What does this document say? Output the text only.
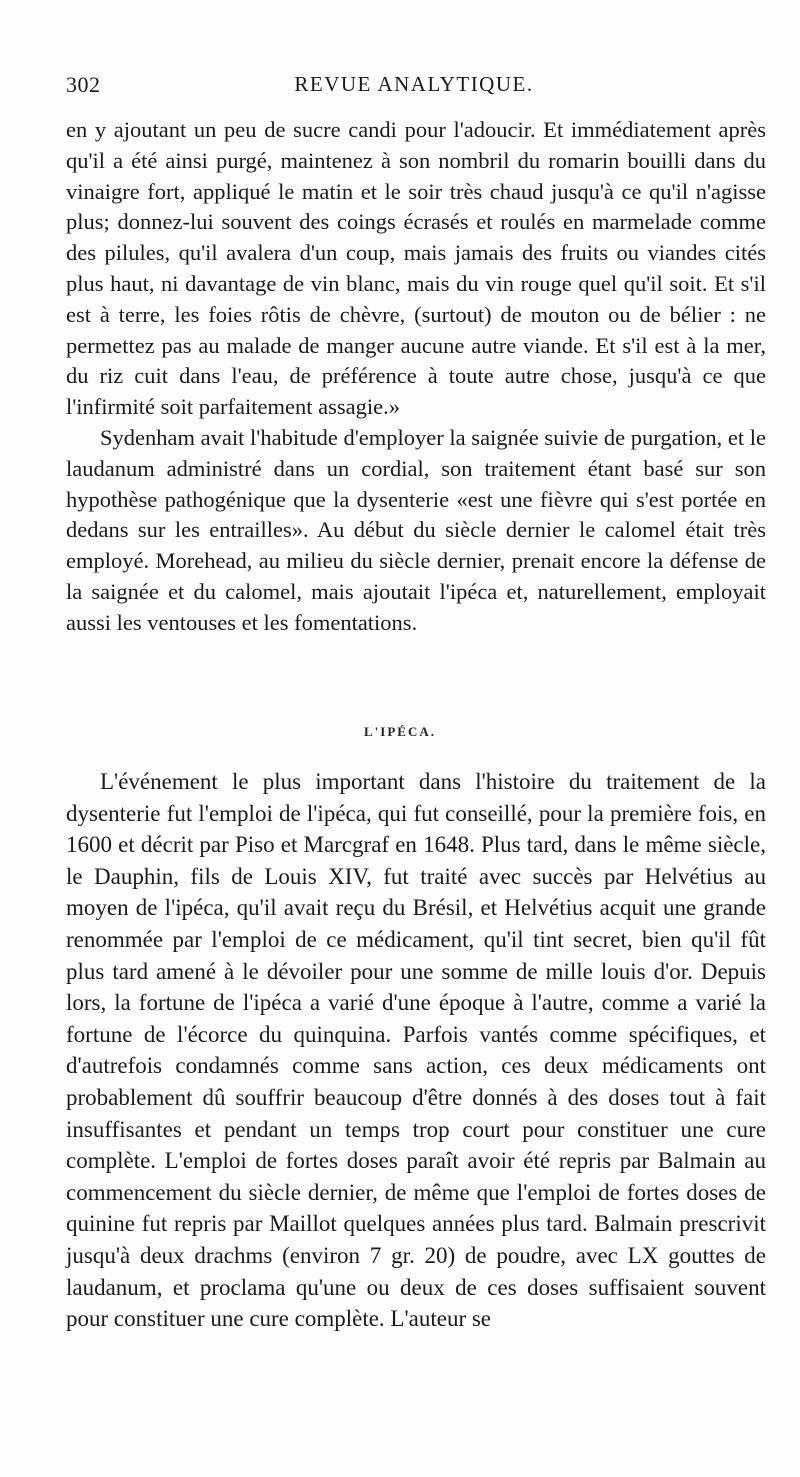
302	REVUE ANALYTIQUE.

en y ajoutant un peu de sucre candi pour l'adoucir. Et immédiatement après qu'il a été ainsi purgé, maintenez à son nombril du romarin bouilli dans du vinaigre fort, appliqué le matin et le soir très chaud jusqu'à ce qu'il n'agisse plus; donnez-lui souvent des coings écrasés et roulés en marmelade comme des pilules, qu'il avalera d'un coup, mais jamais des fruits ou viandes cités plus haut, ni davantage de vin blanc, mais du vin rouge quel qu'il soit. Et s'il est à terre, les foies rôtis de chèvre, (surtout) de mouton ou de bélier : ne permettez pas au malade de manger aucune autre viande. Et s'il est à la mer, du riz cuit dans l'eau, de préférence à toute autre chose, jusqu'à ce que l'infirmité soit parfaitement assagie.»

Sydenham avait l'habitude d'employer la saignée suivie de purgation, et le laudanum administré dans un cordial, son traitement étant basé sur son hypothèse pathogénique que la dysenterie «est une fièvre qui s'est portée en dedans sur les entrailles». Au début du siècle dernier le calomel était très employé. Morehead, au milieu du siècle dernier, prenait encore la défense de la saignée et du calomel, mais ajoutait l'ipéca et, naturellement, employait aussi les ventouses et les fomentations.

L'IPÉCA.

L'événement le plus important dans l'histoire du traitement de la dysenterie fut l'emploi de l'ipéca, qui fut conseillé, pour la première fois, en 1600 et décrit par Piso et Marcgraf en 1648. Plus tard, dans le même siècle, le Dauphin, fils de Louis XIV, fut traité avec succès par Helvétius au moyen de l'ipéca, qu'il avait reçu du Brésil, et Helvétius acquit une grande renommée par l'emploi de ce médicament, qu'il tint secret, bien qu'il fût plus tard amené à le dévoiler pour une somme de mille louis d'or. Depuis lors, la fortune de l'ipéca a varié d'une époque à l'autre, comme a varié la fortune de l'écorce du quinquina. Parfois vantés comme spécifiques, et d'autrefois condamnés comme sans action, ces deux médicaments ont probablement dû souffrir beaucoup d'être donnés à des doses tout à fait insuffisantes et pendant un temps trop court pour constituer une cure complète. L'emploi de fortes doses paraît avoir été repris par Balmain au commencement du siècle dernier, de même que l'emploi de fortes doses de quinine fut repris par Maillot quelques années plus tard. Balmain prescrivit jusqu'à deux drachms (environ 7 gr. 20) de poudre, avec LX gouttes de laudanum, et proclama qu'une ou deux de ces doses suffisaient souvent pour constituer une cure complète. L'auteur se
